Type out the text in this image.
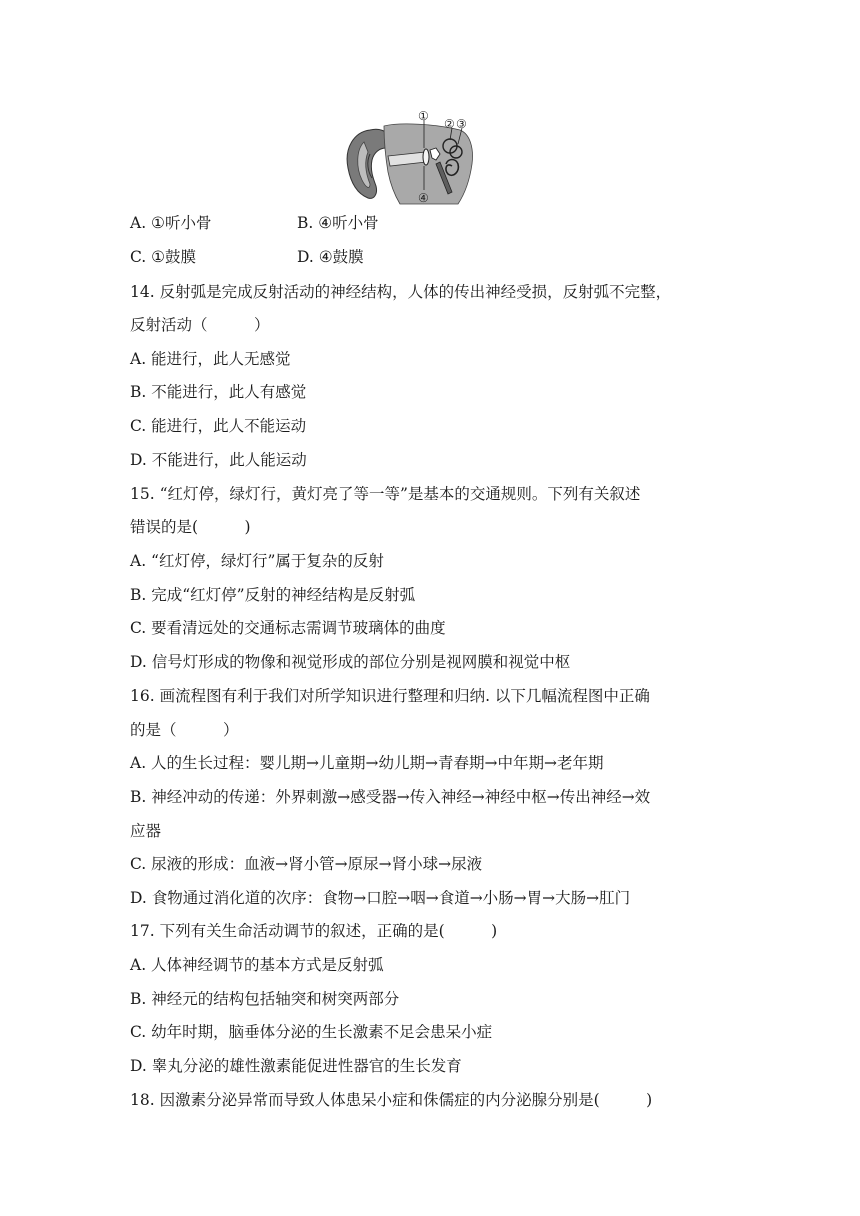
①
② ③
④
A. ①听小骨	B. ④听小骨
C. ①鼓膜	D. ④鼓膜
14. 反射弧是完成反射活动的神经结构，人体的传出神经受损，反射弧不完整，
反射活动（　　　）
A. 能进行，此人无感觉
B. 不能进行，此人有感觉
C. 能进行，此人不能运动
D. 不能进行，此人能运动
15. “红灯停，绿灯行，黄灯亮了等一等”是基本的交通规则。下列有关叙述
错误的是(　　　)
A. “红灯停，绿灯行”属于复杂的反射
B. 完成“红灯停”反射的神经结构是反射弧
C. 要看清远处的交通标志需调节玻璃体的曲度
D. 信号灯形成的物像和视觉形成的部位分别是视网膜和视觉中枢
16. 画流程图有利于我们对所学知识进行整理和归纳. 以下几幅流程图中正确
的是（　　　）
A. 人的生长过程：婴儿期→儿童期→幼儿期→青春期→中年期→老年期
B. 神经冲动的传递：外界刺激→感受器→传入神经→神经中枢→传出神经→效
应器
C. 尿液的形成：血液→肾小管→原尿→肾小球→尿液
D. 食物通过消化道的次序：食物→口腔→咽→食道→小肠→胃→大肠→肛门
17. 下列有关生命活动调节的叙述，正确的是(　　　)
A. 人体神经调节的基本方式是反射弧
B. 神经元的结构包括轴突和树突两部分
C. 幼年时期，脑垂体分泌的生长激素不足会患呆小症
D. 睾丸分泌的雄性激素能促进性器官的生长发育
18. 因激素分泌异常而导致人体患呆小症和侏儒症的内分泌腺分别是(　　　)
